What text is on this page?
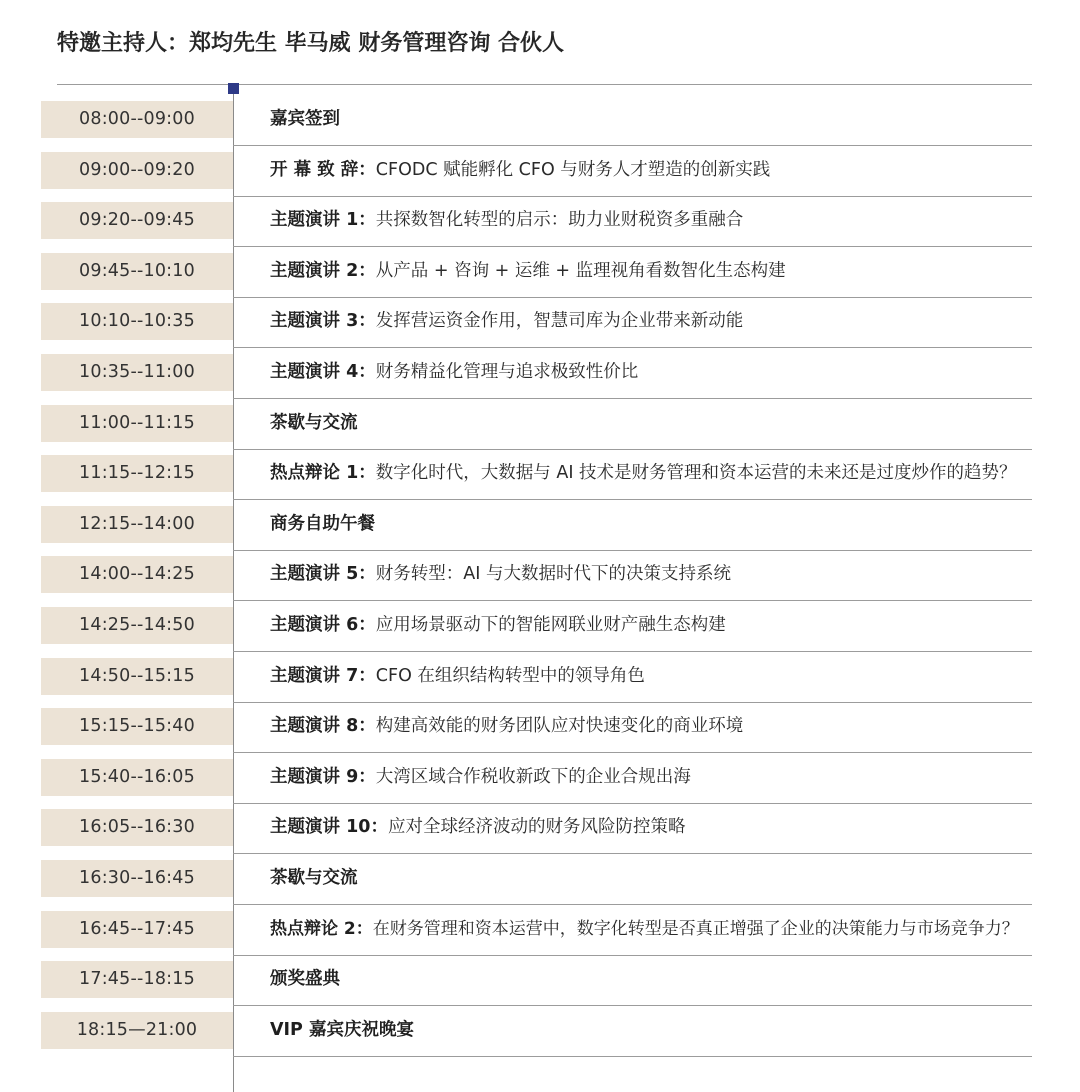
特邀主持人：郑均先生 毕马威 财务管理咨询 合伙人
08:00--09:00	嘉宾签到
09:00--09:20	开 幕 致 辞：CFODC 赋能孵化 CFO 与财务人才塑造的创新实践
09:20--09:45	主题演讲 1：共探数智化转型的启示：助力业财税资多重融合
09:45--10:10	主题演讲 2：从产品 + 咨询 + 运维 + 监理视角看数智化生态构建
10:10--10:35	主题演讲 3：发挥营运资金作用，智慧司库为企业带来新动能
10:35--11:00	主题演讲 4：财务精益化管理与追求极致性价比
11:00--11:15	茶歇与交流
11:15--12:15	热点辩论 1：数字化时代，大数据与 AI 技术是财务管理和资本运营的未来还是过度炒作的趋势？
12:15--14:00	商务自助午餐
14:00--14:25	主题演讲 5：财务转型：AI 与大数据时代下的决策支持系统
14:25--14:50	主题演讲 6：应用场景驱动下的智能网联业财产融生态构建
14:50--15:15	主题演讲 7：CFO 在组织结构转型中的领导角色
15:15--15:40	主题演讲 8：构建高效能的财务团队应对快速变化的商业环境
15:40--16:05	主题演讲 9：大湾区域合作税收新政下的企业合规出海
16:05--16:30	主题演讲 10：应对全球经济波动的财务风险防控策略
16:30--16:45	茶歇与交流
16:45--17:45	热点辩论 2：在财务管理和资本运营中，数字化转型是否真正增强了企业的决策能力与市场竞争力？
17:45--18:15	颁奖盛典
18:15—21:00	VIP 嘉宾庆祝晚宴
